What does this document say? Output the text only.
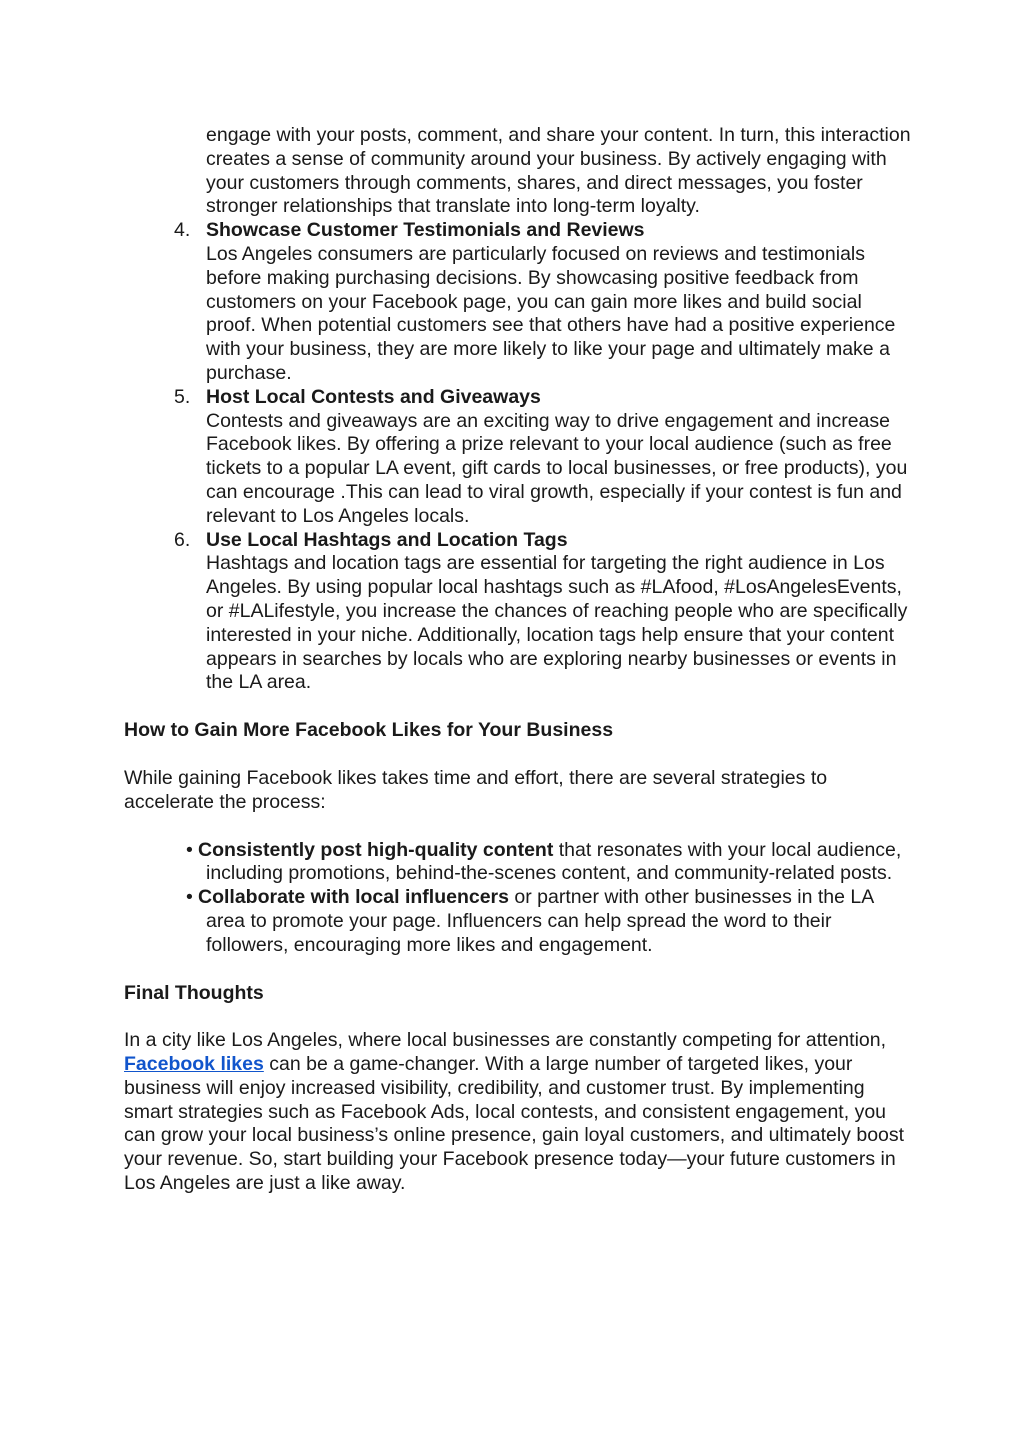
engage with your posts, comment, and share your content. In turn, this interaction creates a sense of community around your business. By actively engaging with your customers through comments, shares, and direct messages, you foster stronger relationships that translate into long-term loyalty.

4. Showcase Customer Testimonials and Reviews

Los Angeles consumers are particularly focused on reviews and testimonials before making purchasing decisions. By showcasing positive feedback from customers on your Facebook page, you can gain more likes and build social proof. When potential customers see that others have had a positive experience with your business, they are more likely to like your page and ultimately make a purchase.

5. Host Local Contests and Giveaways

Contests and giveaways are an exciting way to drive engagement and increase Facebook likes. By offering a prize relevant to your local audience (such as free tickets to a popular LA event, gift cards to local businesses, or free products), you can encourage .This can lead to viral growth, especially if your contest is fun and relevant to Los Angeles locals.

6. Use Local Hashtags and Location Tags

Hashtags and location tags are essential for targeting the right audience in Los Angeles. By using popular local hashtags such as #LAfood, #LosAngelesEvents, or #LALifestyle, you increase the chances of reaching people who are specifically interested in your niche. Additionally, location tags help ensure that your content appears in searches by locals who are exploring nearby businesses or events in the LA area.

How to Gain More Facebook Likes for Your Business

While gaining Facebook likes takes time and effort, there are several strategies to accelerate the process:

• Consistently post high-quality content that resonates with your local audience, including promotions, behind-the-scenes content, and community-related posts.
• Collaborate with local influencers or partner with other businesses in the LA area to promote your page. Influencers can help spread the word to their followers, encouraging more likes and engagement.

Final Thoughts

In a city like Los Angeles, where local businesses are constantly competing for attention, Facebook likes can be a game-changer. With a large number of targeted likes, your business will enjoy increased visibility, credibility, and customer trust. By implementing smart strategies such as Facebook Ads, local contests, and consistent engagement, you can grow your local business’s online presence, gain loyal customers, and ultimately boost your revenue. So, start building your Facebook presence today—your future customers in Los Angeles are just a like away.
